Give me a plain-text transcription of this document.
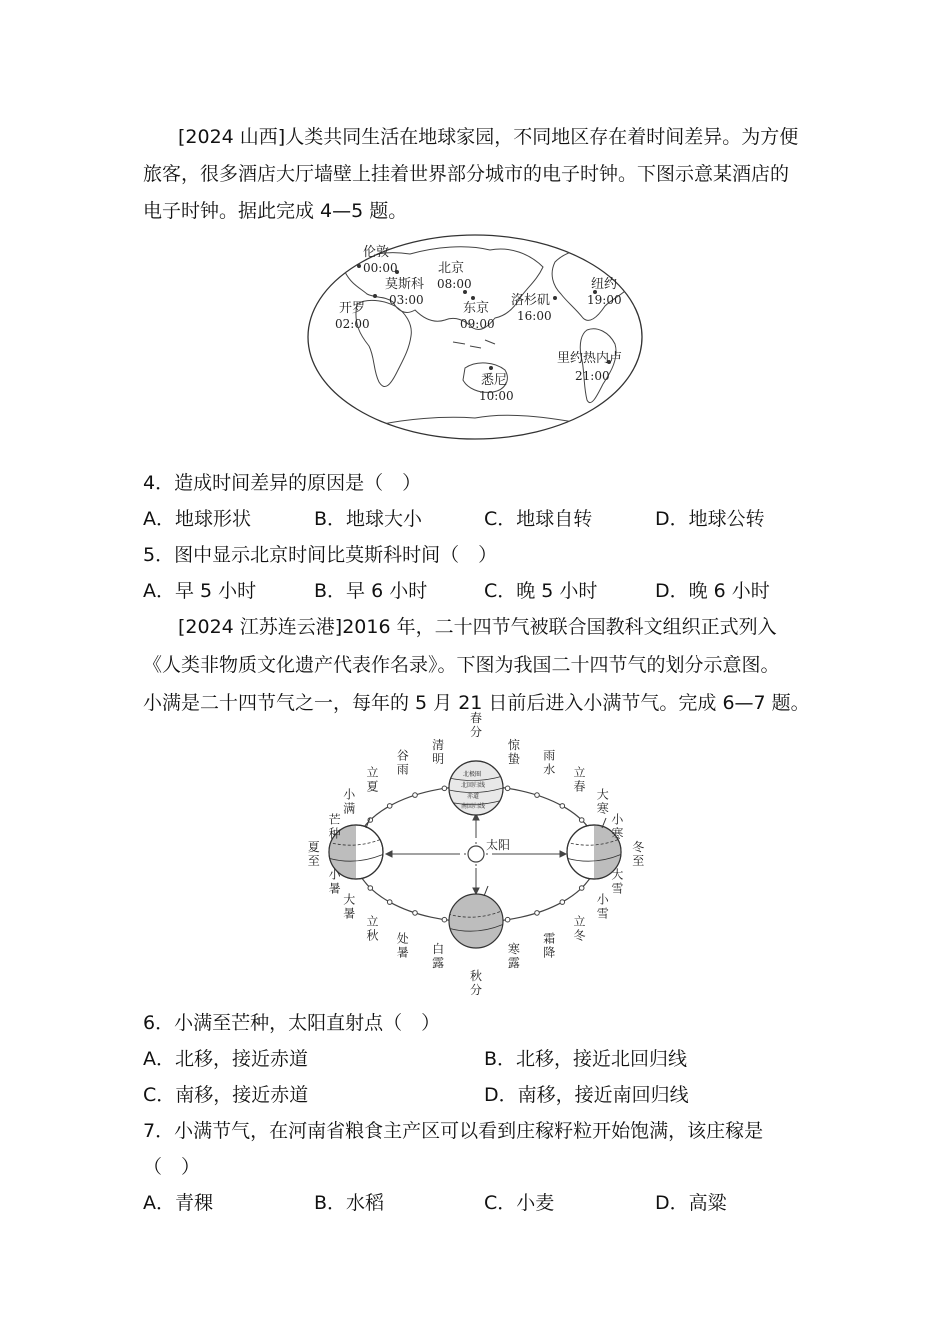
[2024 山西]人类共同生活在地球家园，不同地区存在着时间差异。为方便
旅客，很多酒店大厅墙壁上挂着世界部分城市的电子时钟。下图示意某酒店的
电子时钟。据此完成 4—5 题。
伦敦
00:00
莫斯科
03:00
开罗
02:00
北京
08:00
东京
09:00
悉尼
10:00
洛杉矶
16:00
纽约
19:00
里约热内卢
21:00
4．造成时间差异的原因是（　）
A．地球形状	B．地球大小	C．地球自转	D．地球公转
5．图中显示北京时间比莫斯科时间（　）
A．早 5 小时	B．早 6 小时	C．晚 5 小时	D．晚 6 小时
[2024 江苏连云港]2016 年，二十四节气被联合国教科文组织正式列入
《人类非物质文化遗产代表作名录》。下图为我国二十四节气的划分示意图。
小满是二十四节气之一，每年的 5 月 21 日前后进入小满节气。完成 6—7 题。
太阳
北极圈
北回归线
赤道
南回归线
春分
惊蛰 雨水 立春
大寒
小寒
冬至
大雪
小雪
立冬
霜降
寒露
秋分
白露
处暑
立秋
大暑
小暑
夏至
芒种
小满
立夏
谷雨
清明
6．小满至芒种，太阳直射点（　）
A．北移，接近赤道	B．北移，接近北回归线
C．南移，接近赤道	D．南移，接近南回归线
7．小满节气，在河南省粮食主产区可以看到庄稼籽粒开始饱满，该庄稼是
（　）
A．青稞	B．水稻	C．小麦	D．高粱
